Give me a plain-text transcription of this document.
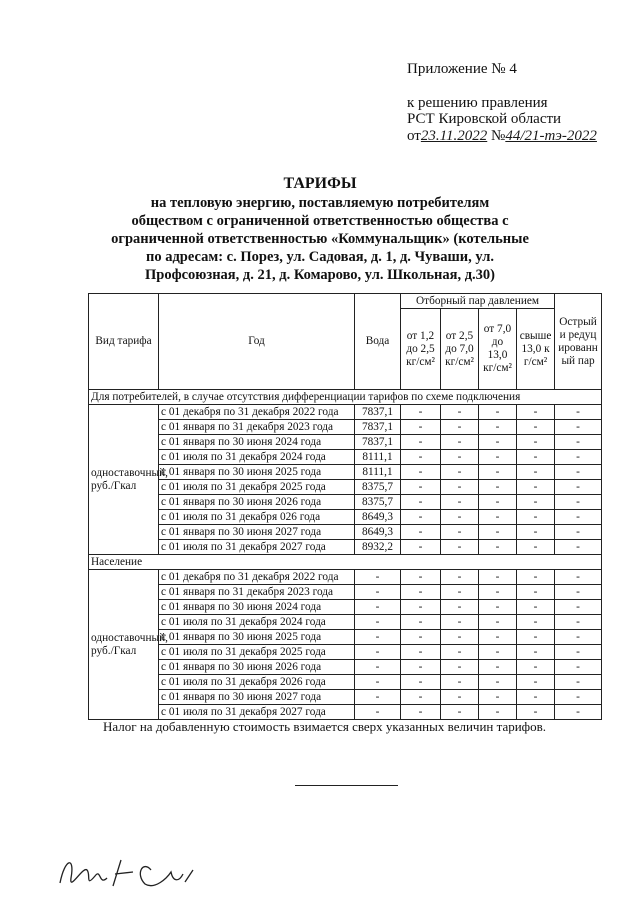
Приложение № 4
к решению правления
РСТ Кировской области
от23.11.2022 №44/21-тэ-2022
ТАРИФЫ
на тепловую энергию, поставляемую потребителям
обществом с ограниченной ответственностью общества с
ограниченной ответственностью «Коммунальщик» (котельные
по адресам: с. Порез, ул. Садовая, д. 1, д. Чуваши, ул.
Профсоюзная, д. 21, д. Комарово, ул. Школьная, д.30)
Вид тарифа	Год	Вода	Отборный пар давлением				Острый и редуцированный пар
			от 1,2 до 2,5 кг/см²	от 2,5 до 7,0 кг/см²	от 7,0 до 13,0 кг/см²	свыше 13,0 кг/см²	
Для потребителей, в случае отсутствия дифференциации тарифов по схеме подключения							
одноставочный, руб./Гкал	с 01 декабря по 31 декабря 2022 года	7837,1	-	-	-	-	-
	с 01 января по 31 декабря 2023 года	7837,1	-	-	-	-	-
	с 01 января по 30 июня 2024 года	7837,1	-	-	-	-	-
	с 01 июля по 31 декабря 2024 года	8111,1	-	-	-	-	-
	с 01 января по 30 июня 2025 года	8111,1	-	-	-	-	-
	с 01 июля по 31 декабря 2025 года	8375,7	-	-	-	-	-
	с 01 января по 30 июня 2026 года	8375,7	-	-	-	-	-
	с 01 июля по 31 декабря 026 года	8649,3	-	-	-	-	-
	с 01 января по 30 июня 2027 года	8649,3	-	-	-	-	-
	с 01 июля по 31 декабря 2027 года	8932,2	-	-	-	-	-
Население							
одноставочный, руб./Гкал	с 01 декабря по 31 декабря 2022 года	-	-	-	-	-	-
	с 01 января по 31 декабря 2023 года	-	-	-	-	-	-
	с 01 января по 30 июня 2024 года	-	-	-	-	-	-
	с 01 июля по 31 декабря 2024 года	-	-	-	-	-	-
	с 01 января по 30 июня 2025 года	-	-	-	-	-	-
	с 01 июля по 31 декабря 2025 года	-	-	-	-	-	-
	с 01 января по 30 июня 2026 года	-	-	-	-	-	-
	с 01 июля по 31 декабря 2026 года	-	-	-	-	-	-
	с 01 января по 30 июня 2027 года	-	-	-	-	-	-
	с 01 июля по 31 декабря 2027 года	-	-	-	-	-	-
Налог на добавленную стоимость взимается сверх указанных величин тарифов.
